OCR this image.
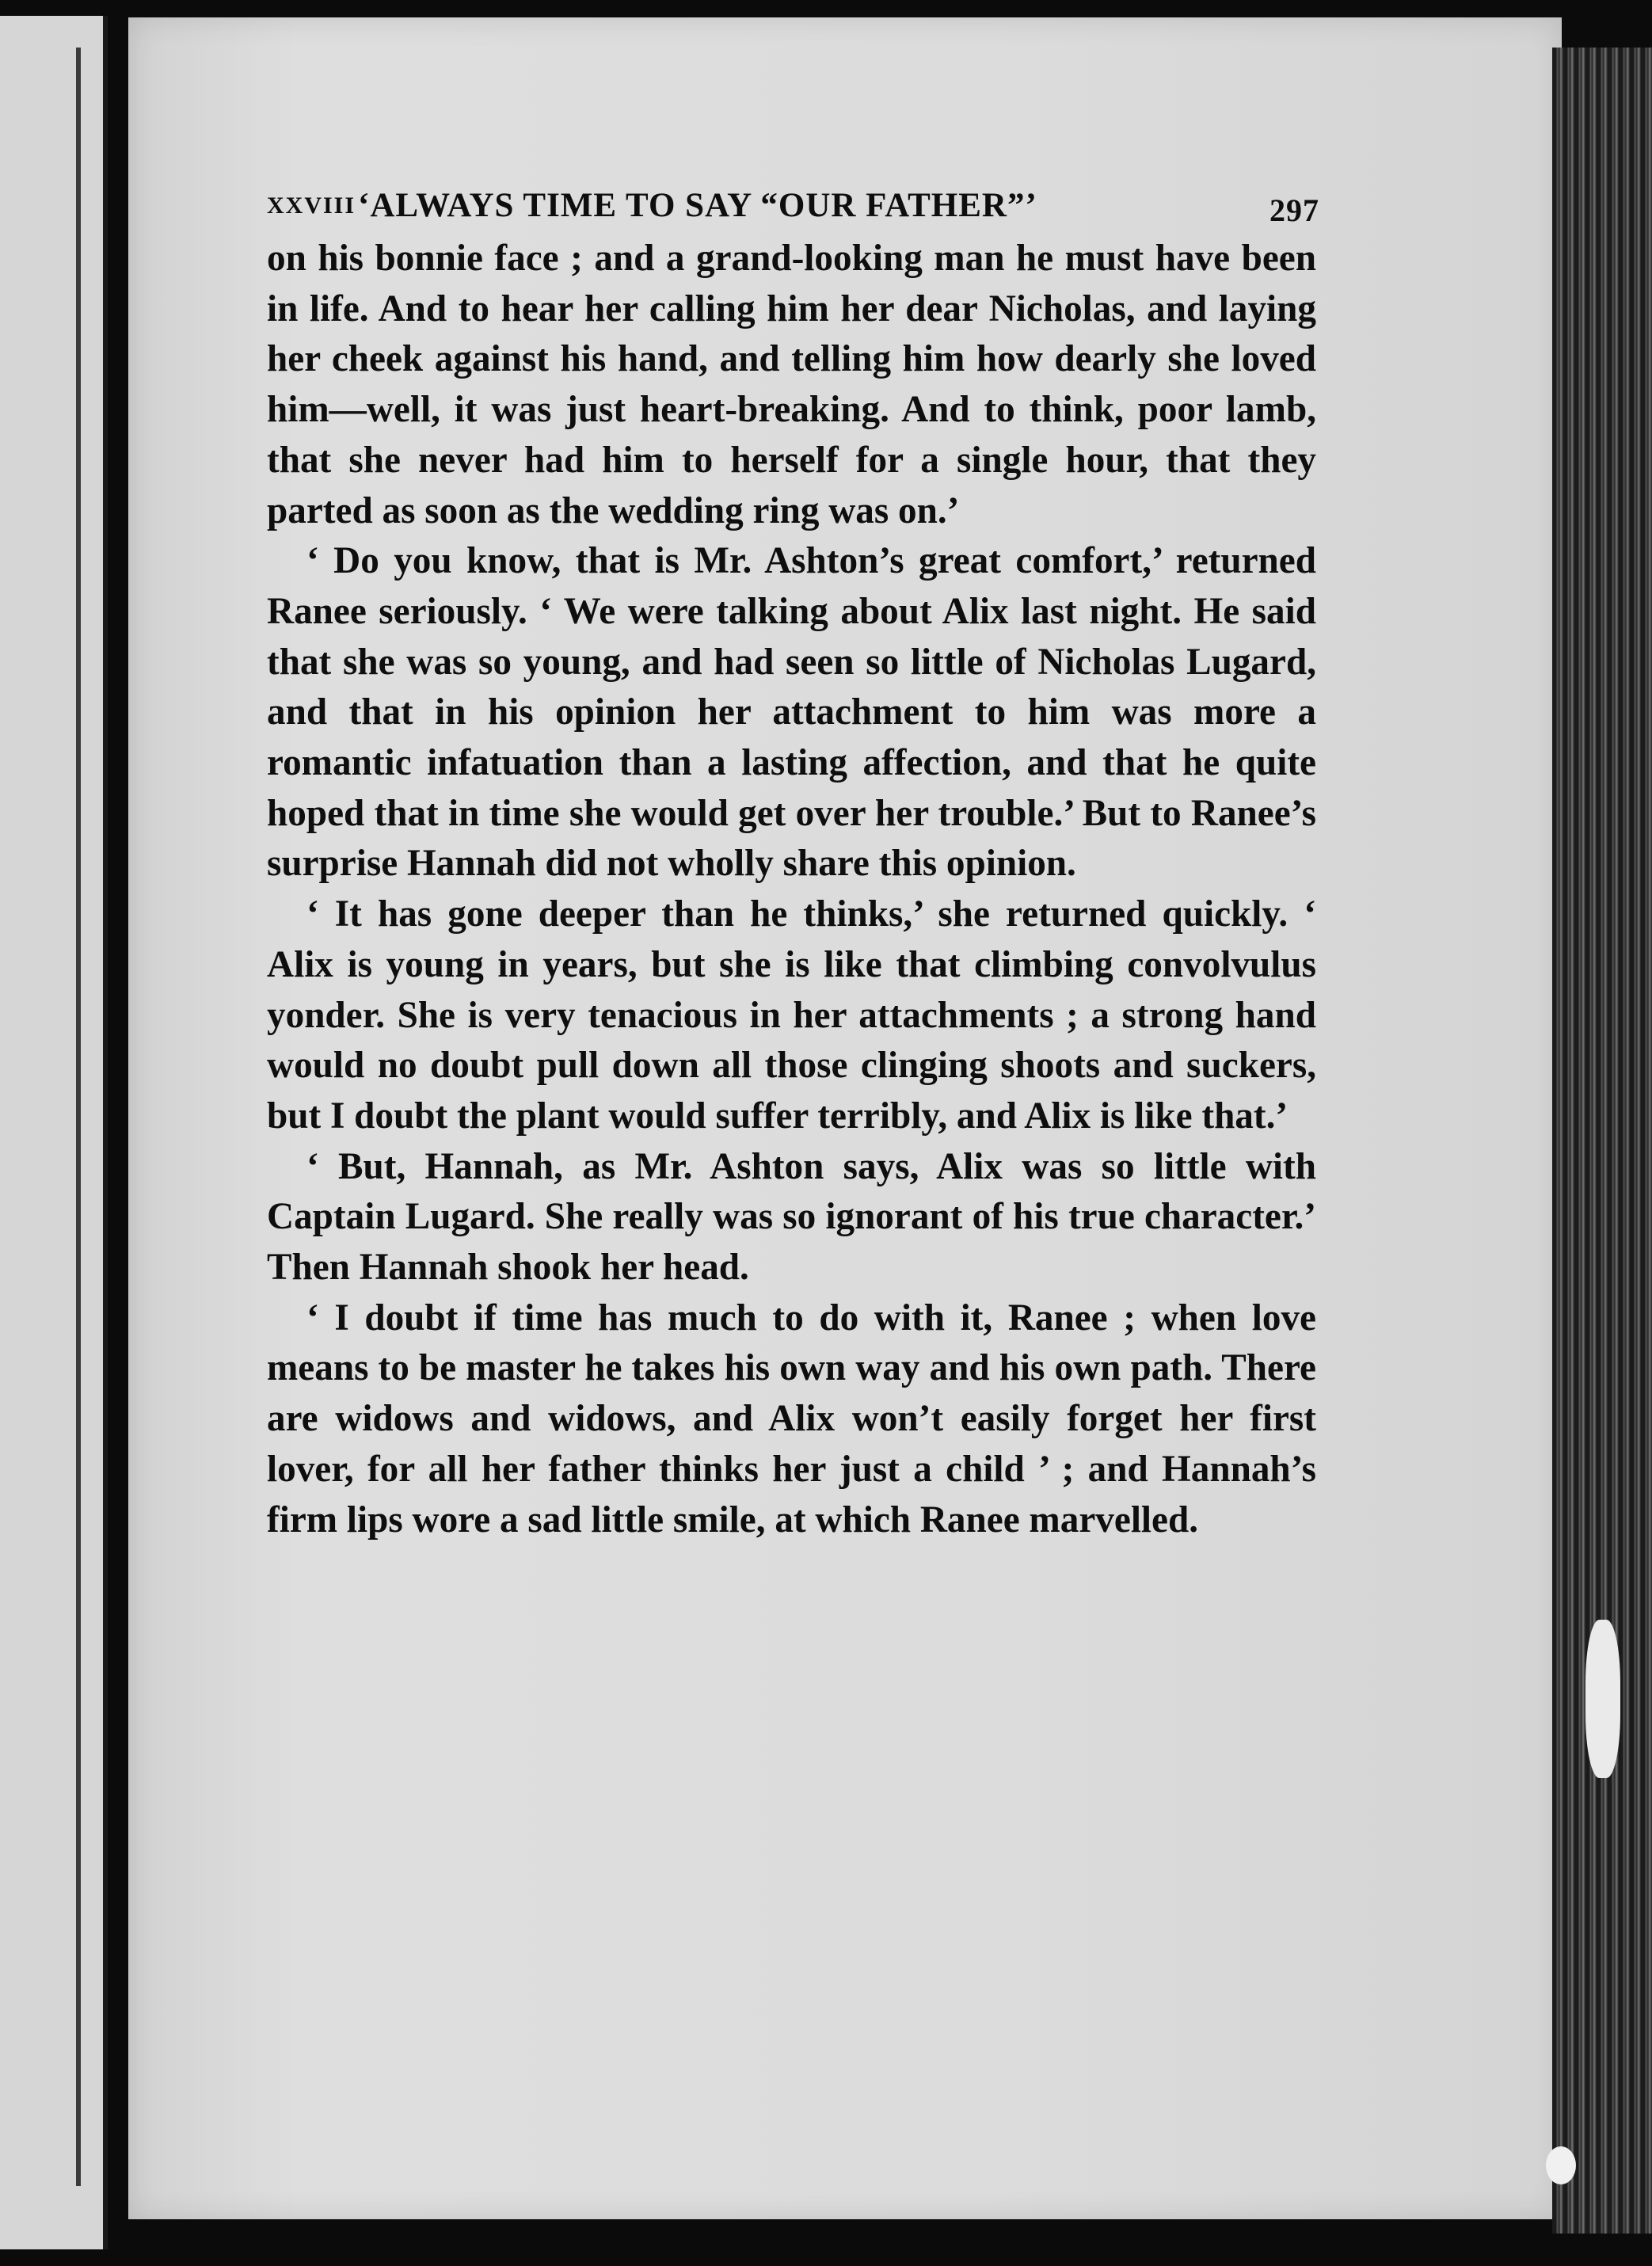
XXVIII ‘ALWAYS TIME TO SAY “OUR FATHER”’	297

on his bonnie face ; and a grand-looking man he must have been in life. And to hear her calling him her dear Nicholas, and laying her cheek against his hand, and telling him how dearly she loved him—well, it was just heart-breaking. And to think, poor lamb, that she never had him to herself for a single hour, that they parted as soon as the wedding ring was on.’

‘ Do you know, that is Mr. Ashton’s great comfort,’ returned Ranee seriously. ‘ We were talking about Alix last night. He said that she was so young, and had seen so little of Nicholas Lugard, and that in his opinion her attachment to him was more a romantic infatuation than a lasting affection, and that he quite hoped that in time she would get over her trouble.’ But to Ranee’s surprise Hannah did not wholly share this opinion.

‘ It has gone deeper than he thinks,’ she returned quickly. ‘ Alix is young in years, but she is like that climbing convolvulus yonder. She is very tenacious in her attachments ; a strong hand would no doubt pull down all those clinging shoots and suckers, but I doubt the plant would suffer terribly, and Alix is like that.’

‘ But, Hannah, as Mr. Ashton says, Alix was so little with Captain Lugard. She really was so ignorant of his true character.’ Then Hannah shook her head.

‘ I doubt if time has much to do with it, Ranee ; when love means to be master he takes his own way and his own path. There are widows and widows, and Alix won’t easily forget her first lover, for all her father thinks her just a child ’ ; and Hannah’s firm lips wore a sad little smile, at which Ranee marvelled.
